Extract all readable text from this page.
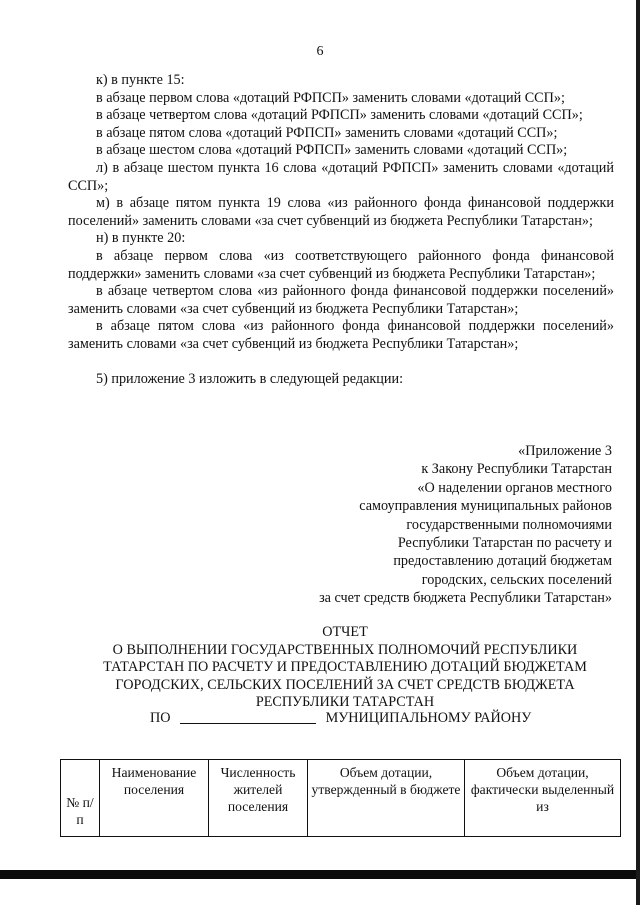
6

к) в пункте 15:

в абзаце первом слова «дотаций РФПСП» заменить словами «дотаций ССП»;

в абзаце четвертом слова «дотаций РФПСП» заменить словами «дотаций ССП»;

в абзаце пятом слова «дотаций РФПСП» заменить словами «дотаций ССП»;

в абзаце шестом слова «дотаций РФПСП» заменить словами «дотаций ССП»;

л) в абзаце шестом пункта 16 слова «дотаций РФПСП» заменить словами «дотаций ССП»;

м) в абзаце пятом пункта 19 слова «из районного фонда финансовой поддержки поселений» заменить словами «за счет субвенций из бюджета Республики Татарстан»;

н) в пункте 20:

в абзаце первом слова «из соответствующего районного фонда финансовой поддержки» заменить словами «за счет субвенций из бюджета Республики Татарстан»;

в абзаце четвертом слова «из районного фонда финансовой поддержки поселений» заменить словами «за счет субвенций из бюджета Республики Татарстан»;

в абзаце пятом слова «из районного фонда финансовой поддержки поселений» заменить словами «за счет субвенций из бюджета Республики Татарстан»;

5) приложение 3 изложить в следующей редакции:

«Приложение 3
к Закону Республики Татарстан
«О наделении органов местного
самоуправления муниципальных районов
государственными полномочиями
Республики Татарстан по расчету и
предоставлению дотаций бюджетам
городских, сельских поселений
за счет средств бюджета Республики Татарстан»
ОТЧЕТ
О ВЫПОЛНЕНИИ ГОСУДАРСТВЕННЫХ ПОЛНОМОЧИЙ РЕСПУБЛИКИ
ТАТАРСТАН ПО РАСЧЕТУ И ПРЕДОСТАВЛЕНИЮ ДОТАЦИЙ БЮДЖЕТАМ
ГОРОДСКИХ, СЕЛЬСКИХ ПОСЕЛЕНИЙ ЗА СЧЕТ СРЕДСТВ БЮДЖЕТА
РЕСПУБЛИКИ ТАТАРСТАН
ПО	МУНИЦИПАЛЬНОМУ РАЙОНУ
№ п/п	Наименование поселения	Численность жителей поселения	Объем дотации, утвержденный в бюджете	Объем дотации, фактически выделенный из
